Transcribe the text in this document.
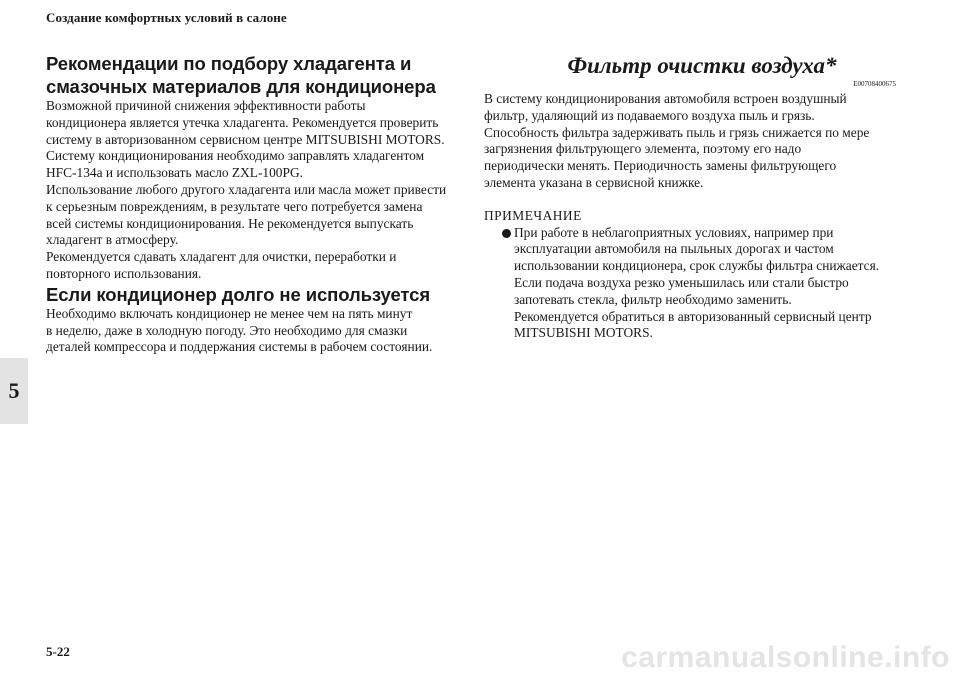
Создание комфортных условий в салоне
5
Рекомендации по подбору хладагента и
смазочных материалов для кондиционера

Возможной причиной снижения эффективности работы
кондиционера является утечка хладагента. Рекомендуется проверить
систему в авторизованном сервисном центре MITSUBISHI MOTORS.
Систему кондиционирования необходимо заправлять хладагентом
HFC-134a и использовать масло ZXL-100PG.

Использование любого другого хладагента или масла может привести
к серьезным повреждениям, в результате чего потребуется замена
всей системы кондиционирования. Не рекомендуется выпускать
хладагент в атмосферу.

Рекомендуется сдавать хладагент для очистки, переработки и
повторного использования.

Если кондиционер долго не используется

Необходимо включать кондиционер не менее чем на пять минут
в неделю, даже в холодную погоду. Это необходимо для смазки
деталей компрессора и поддержания системы в рабочем состоянии.

Фильтр очистки воздуха*

E00708400675

В систему кондиционирования автомобиля встроен воздушный
фильтр, удаляющий из подаваемого воздуха пыль и грязь.

Способность фильтра задерживать пыль и грязь снижается по мере
загрязнения фильтрующего элемента, поэтому его надо
периодически менять. Периодичность замены фильтрующего
элемента указана в сервисной книжке.

ПРИМЕЧАНИЕ
При работе в неблагоприятных условиях, например при
эксплуатации автомобиля на пыльных дорогах и частом
использовании кондиционера, срок службы фильтра снижается.
Если подача воздуха резко уменьшилась или стали быстро
запотевать стекла, фильтр необходимо заменить.
Рекомендуется обратиться в авторизованный сервисный центр
MITSUBISHI MOTORS.
5-22	carmanualsonline.info
